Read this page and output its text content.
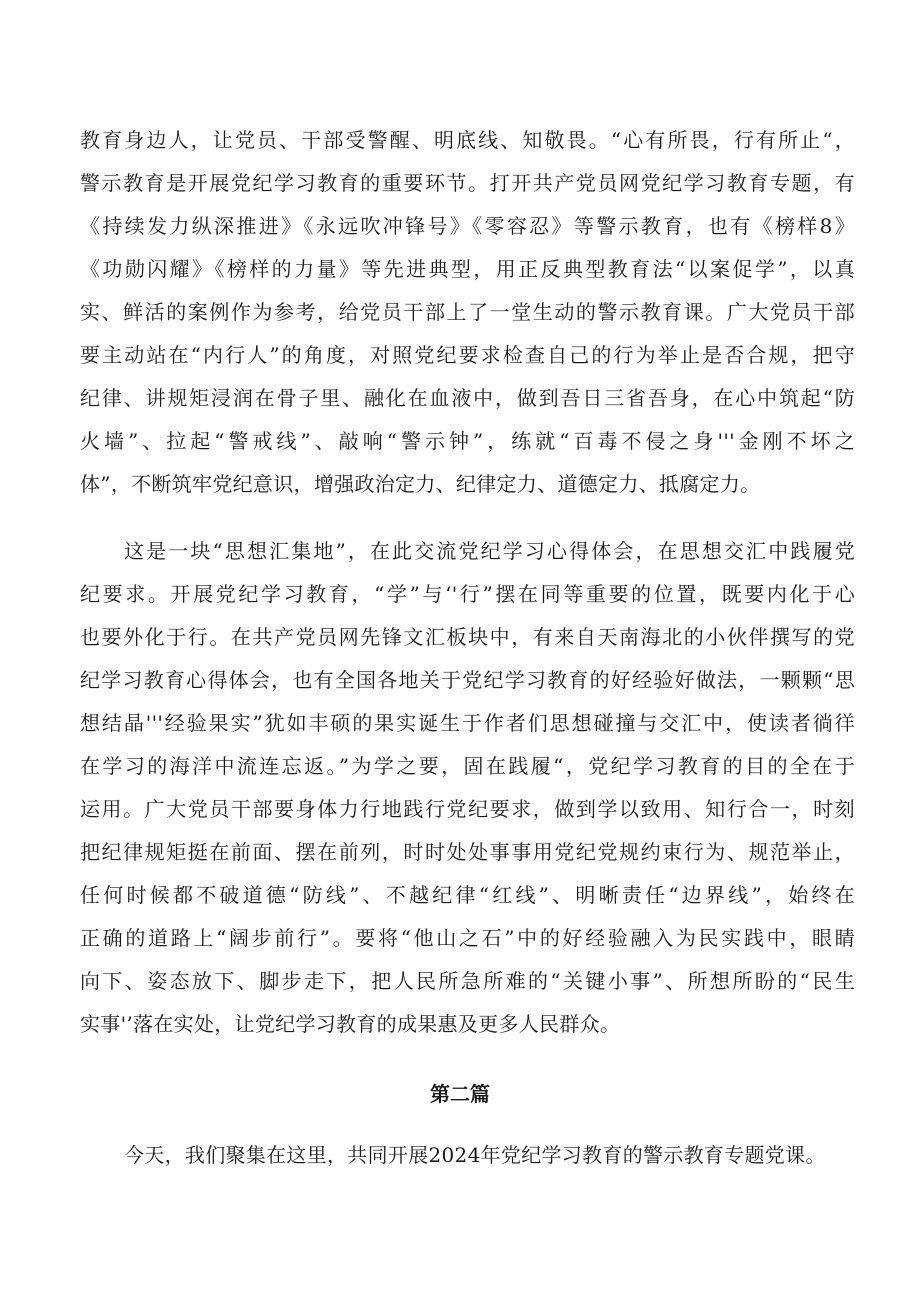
教育身边人，让党员、干部受警醒、明底线、知敬畏。“心有所畏，行有所止“，
警示教育是开展党纪学习教育的重要环节。打开共产党员网党纪学习教育专题，有
《持续发力纵深推进》《永远吹冲锋号》《零容忍》等警示教育，也有《榜样8》
《功勋闪耀》《榜样的力量》等先进典型，用正反典型教育法“以案促学”，以真
实、鲜活的案例作为参考，给党员干部上了一堂生动的警示教育课。广大党员干部
要主动站在“内行人”的角度，对照党纪要求检查自己的行为举止是否合规，把守
纪律、讲规矩浸润在骨子里、融化在血液中，做到吾日三省吾身，在心中筑起“防
火墙”、拉起“警戒线”、敲响“警示钟”，练就“百毒不侵之身'''金刚不坏之
体”，不断筑牢党纪意识，增强政治定力、纪律定力、道德定力、抵腐定力。
这是一块“思想汇集地”，在此交流党纪学习心得体会，在思想交汇中践履党
纪要求。开展党纪学习教育，“学”与‘'行”摆在同等重要的位置，既要内化于心
也要外化于行。在共产党员网先锋文汇板块中，有来自天南海北的小伙伴撰写的党
纪学习教育心得体会，也有全国各地关于党纪学习教育的好经验好做法，一颗颗“思
想结晶'''经验果实”犹如丰硕的果实诞生于作者们思想碰撞与交汇中，使读者徜徉
在学习的海洋中流连忘返。”为学之要，固在践履“，党纪学习教育的目的全在于
运用。广大党员干部要身体力行地践行党纪要求，做到学以致用、知行合一，时刻
把纪律规矩挺在前面、摆在前列，时时处处事事用党纪党规约束行为、规范举止，
任何时候都不破道德“防线”、不越纪律“红线”、明晰责任“边界线”，始终在
正确的道路上“阔步前行”。要将“他山之石”中的好经验融入为民实践中，眼睛
向下、姿态放下、脚步走下，把人民所急所难的“关键小事”、所想所盼的“民生
实事'’落在实处，让党纪学习教育的成果惠及更多人民群众。
第二篇
今天，我们聚集在这里，共同开展2024年党纪学习教育的警示教育专题党课。
